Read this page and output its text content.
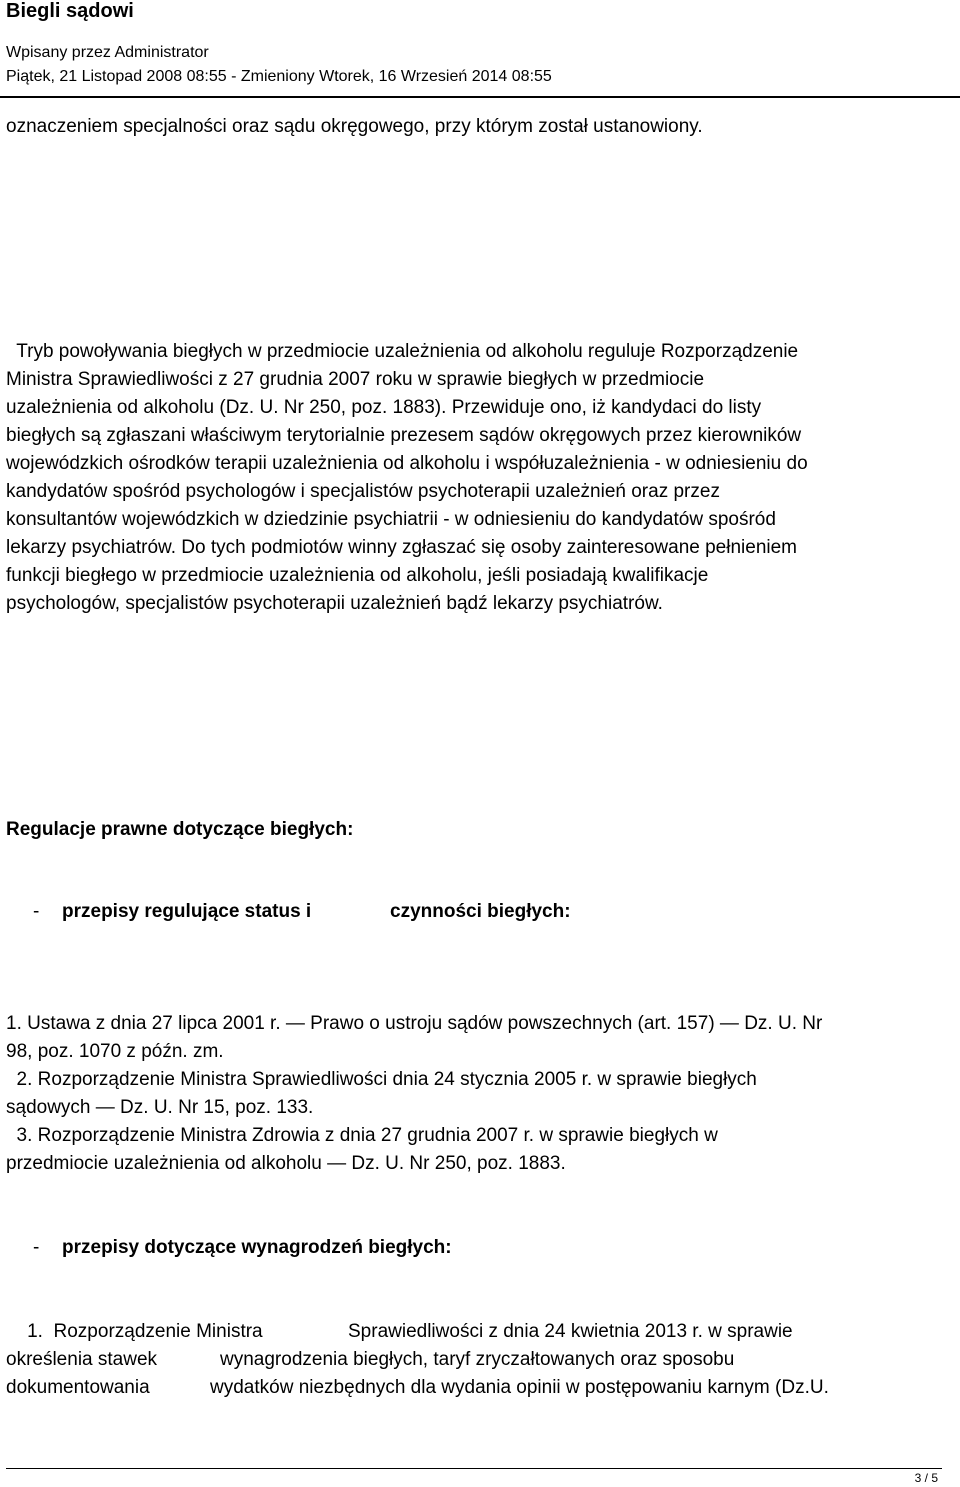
Biegli sądowi
Wpisany przez Administrator
Piątek, 21 Listopad 2008 08:55 - Zmieniony Wtorek, 16 Wrzesień 2014 08:55
oznaczeniem specjalności oraz sądu okręgowego, przy którym został ustanowiony.
Tryb powoływania biegłych w przedmiocie uzależnienia od alkoholu reguluje Rozporządzenie
Ministra Sprawiedliwości z 27 grudnia 2007 roku w sprawie biegłych w przedmiocie
uzależnienia od alkoholu (Dz. U. Nr 250, poz. 1883). Przewiduje ono, iż kandydaci do listy
biegłych są zgłaszani właściwym terytorialnie prezesem sądów okręgowych przez kierowników
wojewódzkich ośrodków terapii uzależnienia od alkoholu i współuzależnienia - w odniesieniu do
kandydatów spośród psychologów i specjalistów psychoterapii uzależnień oraz przez
konsultantów wojewódzkich w dziedzinie psychiatrii - w odniesieniu do kandydatów spośród
lekarzy psychiatrów. Do tych podmiotów winny zgłaszać się osoby zainteresowane pełnieniem
funkcji biegłego w przedmiocie uzależnienia od alkoholu, jeśli posiadają kwalifikacje
psychologów, specjalistów psychoterapii uzależnień bądź lekarzy psychiatrów.
Regulacje prawne dotyczące biegłych:
- przepisy regulujące status i	czynności biegłych:
1. Ustawa z dnia 27 lipca 2001 r. — Prawo o ustroju sądów powszechnych (art. 157) — Dz. U. Nr
98, poz. 1070 z późn. zm.
2. Rozporządzenie Ministra Sprawiedliwości dnia 24 stycznia 2005 r. w sprawie biegłych
sądowych — Dz. U. Nr 15, poz. 133.
3. Rozporządzenie Ministra Zdrowia z dnia 27 grudnia 2007 r. w sprawie biegłych w
przedmiocie uzależnienia od alkoholu — Dz. U. Nr 250, poz. 1883.
- przepisy dotyczące wynagrodzeń biegłych:
1.  Rozporządzenie Ministra	Sprawiedliwości z dnia 24 kwietnia 2013 r. w sprawie
określenia stawek	wynagrodzenia biegłych, taryf zryczałtowanych oraz sposobu
dokumentowania	wydatków niezbędnych dla wydania opinii w postępowaniu karnym (Dz.U.
3 / 5
